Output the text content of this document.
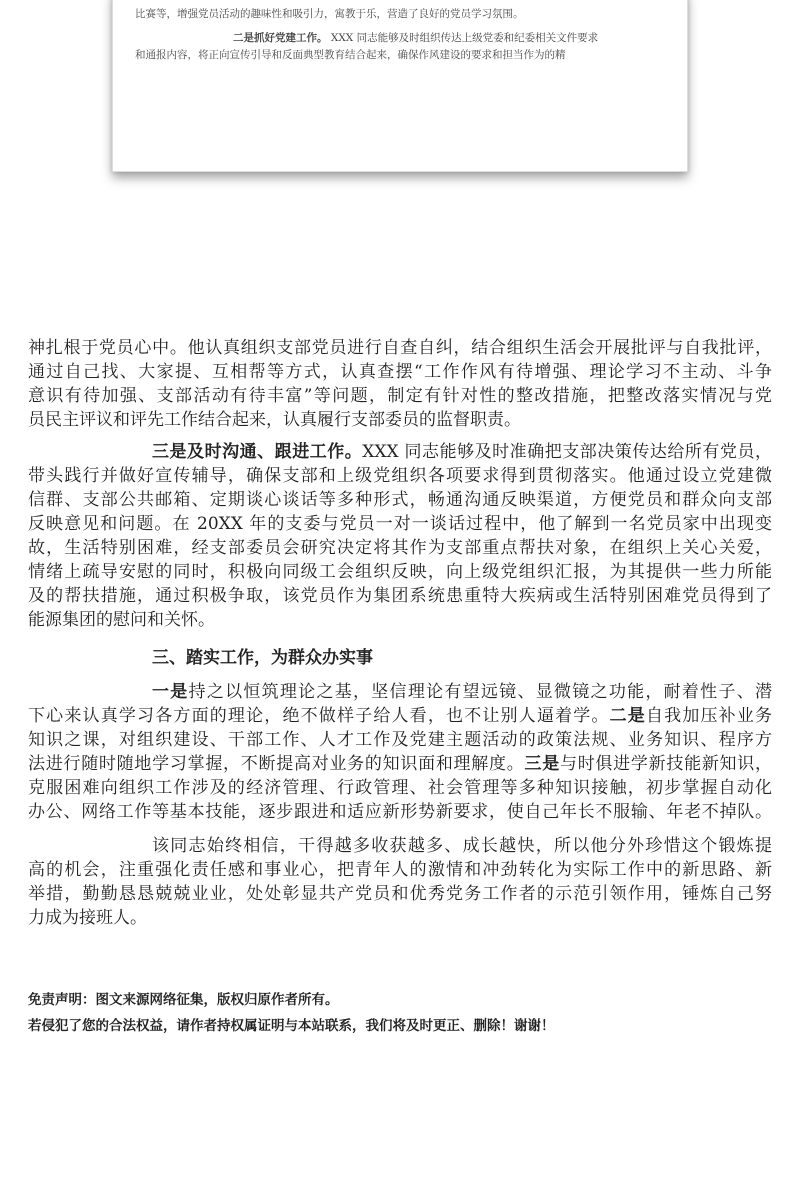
比赛等，增强党员活动的趣味性和吸引力，寓教于乐，营造了良好的党员学习氛围。
二是抓好党建工作。 XXX 同志能够及时组织传达上级党委和纪委相关文件要求
和通报内容，将正向宣传引导和反面典型教育结合起来，确保作风建设的要求和担当作为的精
神扎根于党员心中。他认真组织支部党员进行自查自纠，结合组织生活会开展批评与自我批评，
通过自己找、大家提、互相帮等方式，认真查摆“工作作风有待增强、理论学习不主动、斗争
意识有待加强、支部活动有待丰富”等问题，制定有针对性的整改措施，把整改落实情况与党
员民主评议和评先工作结合起来，认真履行支部委员的监督职责。
三是及时沟通、跟进工作。XXX 同志能够及时准确把支部决策传达给所有党员，
带头践行并做好宣传辅导，确保支部和上级党组织各项要求得到贯彻落实。他通过设立党建微
信群、支部公共邮箱、定期谈心谈话等多种形式，畅通沟通反映渠道，方便党员和群众向支部
反映意见和问题。在 20XX 年的支委与党员一对一谈话过程中，他了解到一名党员家中出现变
故，生活特别困难，经支部委员会研究决定将其作为支部重点帮扶对象，在组织上关心关爱，
情绪上疏导安慰的同时，积极向同级工会组织反映，向上级党组织汇报，为其提供一些力所能
及的帮扶措施，通过积极争取，该党员作为集团系统患重特大疾病或生活特别困难党员得到了
能源集团的慰问和关怀。
三、踏实工作，为群众办实事
一是持之以恒筑理论之基，坚信理论有望远镜、显微镜之功能，耐着性子、潜
下心来认真学习各方面的理论，绝不做样子给人看，也不让别人逼着学。二是自我加压补业务
知识之课，对组织建设、干部工作、人才工作及党建主题活动的政策法规、业务知识、程序方
法进行随时随地学习掌握，不断提高对业务的知识面和理解度。三是与时俱进学新技能新知识，
克服困难向组织工作涉及的经济管理、行政管理、社会管理等多种知识接触，初步掌握自动化
办公、网络工作等基本技能，逐步跟进和适应新形势新要求，使自己年长不服输、年老不掉队。
该同志始终相信，干得越多收获越多、成长越快，所以他分外珍惜这个锻炼提
高的机会，注重强化责任感和事业心，把青年人的激情和冲劲转化为实际工作中的新思路、新
举措，勤勤恳恳兢兢业业，处处彰显共产党员和优秀党务工作者的示范引领作用，锤炼自己努
力成为接班人。
免责声明：图文来源网络征集，版权归原作者所有。
若侵犯了您的合法权益，请作者持权属证明与本站联系，我们将及时更正、删除！谢谢！
